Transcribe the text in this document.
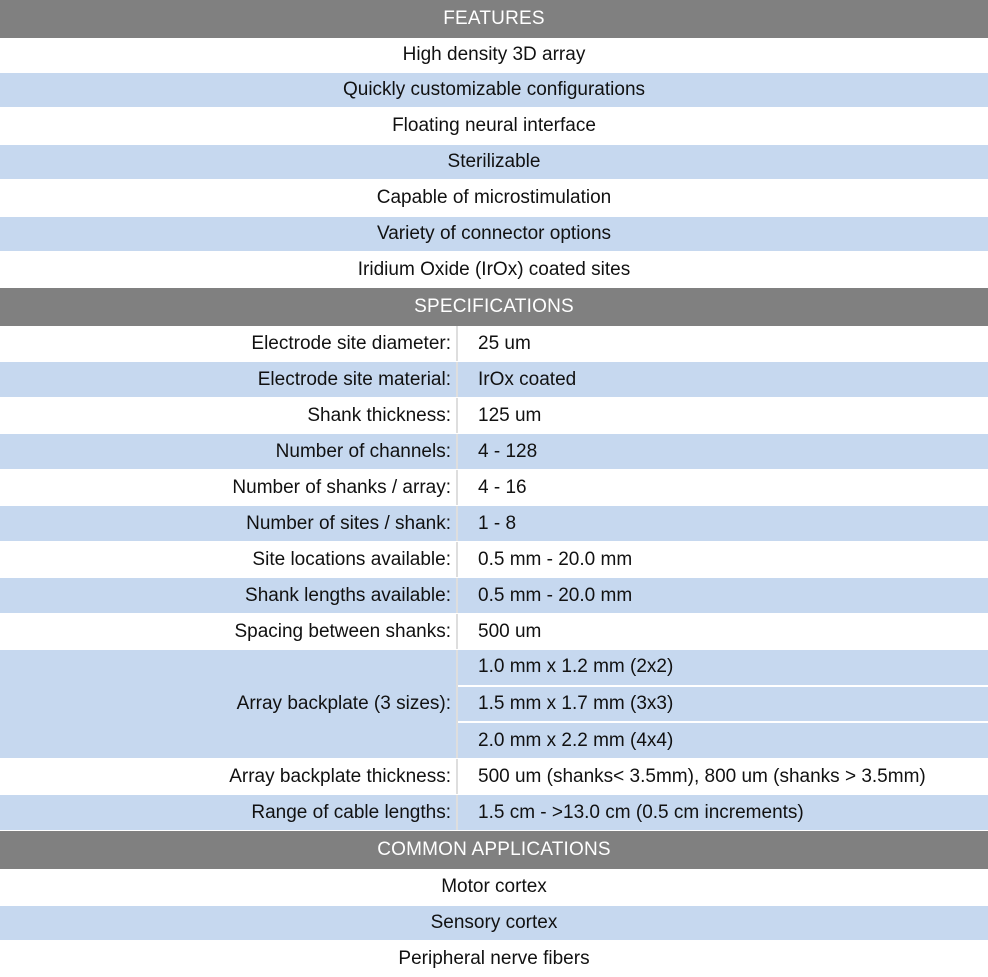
FEATURES
High density 3D array
Quickly customizable configurations
Floating neural interface
Sterilizable
Capable of microstimulation
Variety of connector options
Iridium Oxide (IrOx) coated sites
SPECIFICATIONS
Electrode site diameter:	25 um
Electrode site material:	IrOx coated
Shank thickness:	125 um
Number of channels:	4 - 128
Number of shanks / array:	4 - 16
Number of sites / shank:	1 - 8
Site locations available:	0.5 mm - 20.0 mm
Shank lengths available:	0.5 mm - 20.0 mm
Spacing between shanks:	500 um
Array backplate (3 sizes):
1.0 mm x 1.2 mm (2x2)
1.5 mm x 1.7 mm (3x3)
2.0 mm x 2.2 mm (4x4)
Array backplate thickness:	500 um (shanks< 3.5mm), 800 um (shanks > 3.5mm)
Range of cable lengths:	1.5 cm - >13.0 cm (0.5 cm increments)
COMMON APPLICATIONS
Motor cortex
Sensory cortex
Peripheral nerve fibers
